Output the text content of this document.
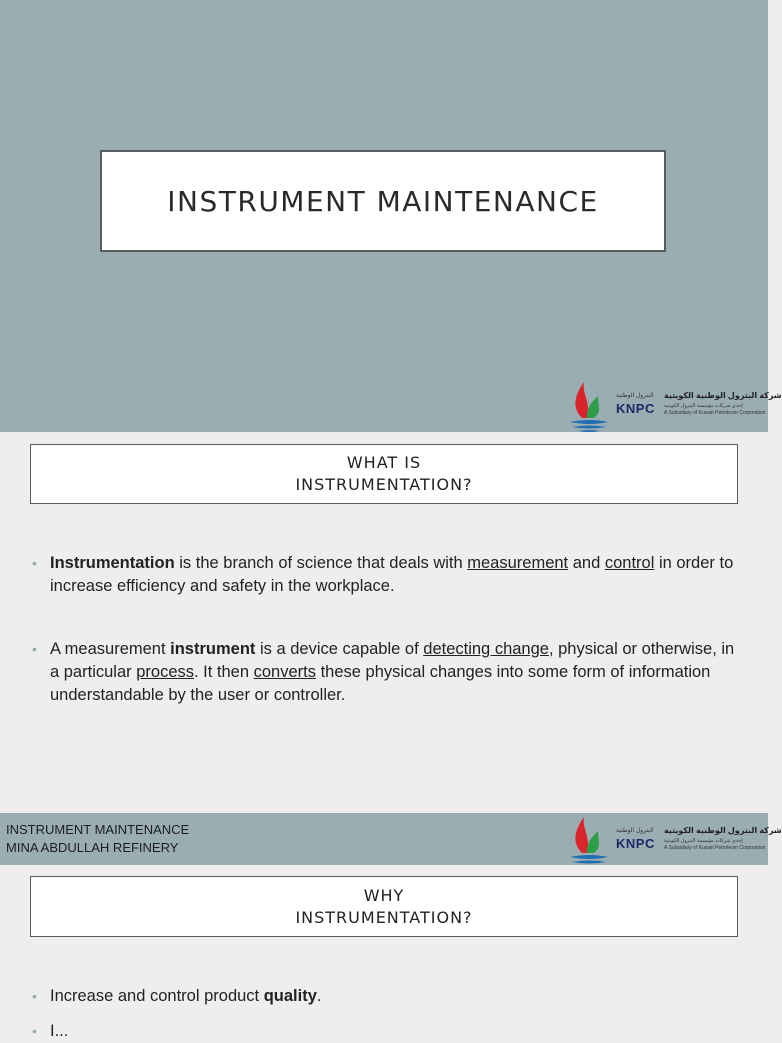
INSTRUMENT MAINTENANCE
البترول الوطنية
KNPC
شركة البترول الوطنية الكويتية
إحدى شركات مؤسسة البترول الكويتية
A Subsidiary of Kuwait Petroleum Corporation
WHAT IS
INSTRUMENTATION?

• Instrumentation is the branch of science that deals with measurement and control in order to increase efficiency and safety in the workplace.

• A measurement instrument is a device capable of detecting change, physical or otherwise, in a particular process. It then converts these physical changes into some form of information understandable by the user or controller.

INSTRUMENT MAINTENANCE
MINA ABDULLAH REFINERY
البترول الوطنية
KNPC
شركة البترول الوطنية الكويتية
إحدى شركات مؤسسة البترول الكويتية
A Subsidiary of Kuwait Petroleum Corporation
WHY
INSTRUMENTATION?

• Increase and control product quality.

• I...
